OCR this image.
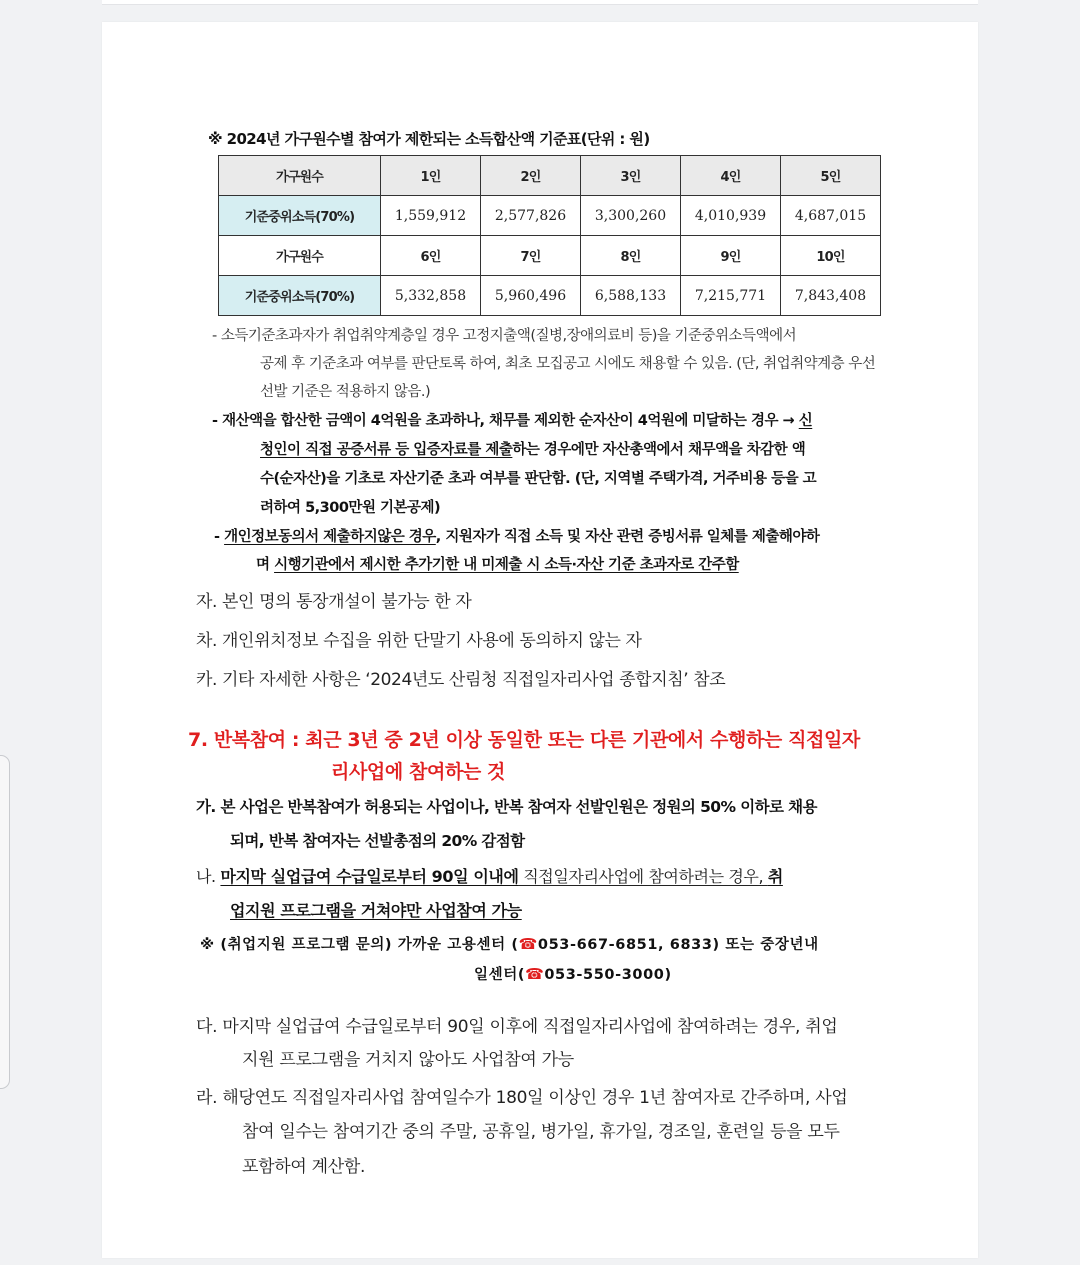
※ 2024년 가구원수별 참여가 제한되는 소득합산액 기준표(단위 : 원)
가구원수	1인	2인	3인	4인	5인
기준중위소득(70%)	1,559,912	2,577,826	3,300,260	4,010,939	4,687,015
가구원수	6인	7인	8인	9인	10인
기준중위소득(70%)	5,332,858	5,960,496	6,588,133	7,215,771	7,843,408
- 소득기준초과자가 취업취약계층일 경우 고정지출액(질병,장애의료비 등)을 기준중위소득액에서
공제 후 기준초과 여부를 판단토록 하여, 최초 모집공고 시에도 채용할 수 있음. (단, 취업취약계층 우선
선발 기준은 적용하지 않음.)
- 재산액을 합산한 금액이 4억원을 초과하나, 채무를 제외한 순자산이 4억원에 미달하는 경우 → 신
청인이 직접 공증서류 등 입증자료를 제출하는 경우에만 자산총액에서 채무액을 차감한 액
수(순자산)을 기초로 자산기준 초과 여부를 판단함. (단, 지역별 주택가격, 거주비용 등을 고
려하여 5,300만원 기본공제)
- 개인정보동의서 제출하지않은 경우, 지원자가 직접 소득 및 자산 관련 증빙서류 일체를 제출해야하
며 시행기관에서 제시한 추가기한 내 미제출 시 소득·자산 기준 초과자로 간주함
자. 본인 명의 통장개설이 불가능 한 자
차. 개인위치정보 수집을 위한 단말기 사용에 동의하지 않는 자
카. 기타 자세한 사항은 ‘2024년도 산림청 직접일자리사업 종합지침’ 참조
7. 반복참여 : 최근 3년 중 2년 이상 동일한 또는 다른 기관에서 수행하는 직접일자
리사업에 참여하는 것
가. 본 사업은 반복참여가 허용되는 사업이나, 반복 참여자 선발인원은 정원의 50% 이하로 채용
되며, 반복 참여자는 선발총점의 20% 감점함
나. 마지막 실업급여 수급일로부터 90일 이내에 직접일자리사업에 참여하려는 경우, 취
업지원 프로그램을 거쳐야만 사업참여 가능
※ (취업지원 프로그램 문의) 가까운 고용센터 (☎053-667-6851, 6833) 또는 중장년내
일센터(☎053-550-3000)
다. 마지막 실업급여 수급일로부터 90일 이후에 직접일자리사업에 참여하려는 경우, 취업
지원 프로그램을 거치지 않아도 사업참여 가능
라. 해당연도 직접일자리사업 참여일수가 180일 이상인 경우 1년 참여자로 간주하며, 사업
참여 일수는 참여기간 중의 주말, 공휴일, 병가일, 휴가일, 경조일, 훈련일 등을 모두
포함하여 계산함.
